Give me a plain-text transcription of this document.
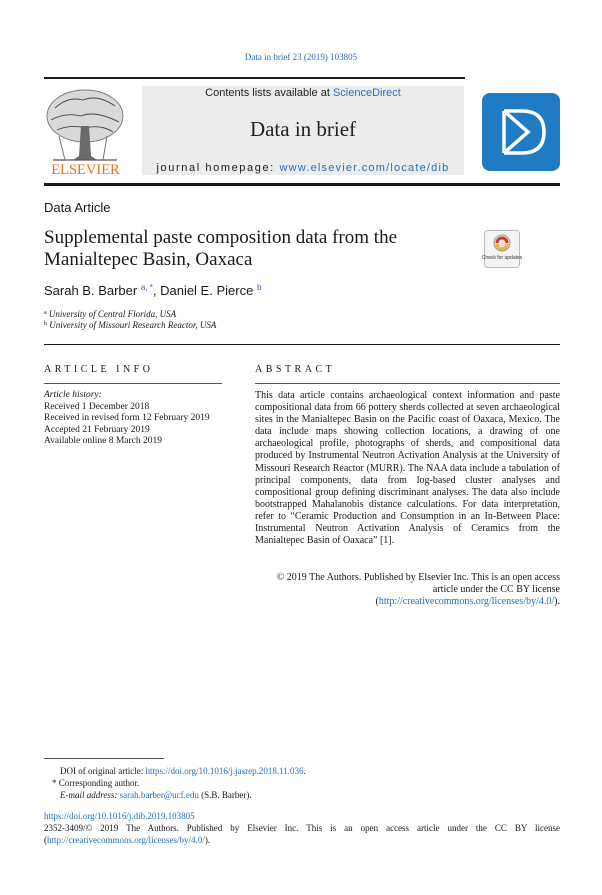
Data in brief 23 (2019) 103805
ELSEVIER
Contents lists available at ScienceDirect
Data in brief
journal homepage: www.elsevier.com/locate/dib
Data Article
Supplemental paste composition data from the Manialtepec Basin, Oaxaca	Check for updates
Sarah B. Barber $^{a, *}$, Daniel E. Pierce $^b$
$^a$ University of Central Florida, USA
$^b$ University of Missouri Research Reactor, USA
ARTICLE INFO	ABSTRACT
Article history:
Received 1 December 2018
Received in revised form 12 February 2019
Accepted 21 February 2019
Available online 8 March 2019
This data article contains archaeological context information and paste compositional data from 66 pottery sherds collected at seven archaeological sites in the Manialtepec Basin on the Pacific coast of Oaxaca, Mexico. The data include maps showing collection locations, a drawing of one archaeological profile, photographs of sherds, and compositional data produced by Instrumental Neutron Activation Analysis at the University of Missouri Research Reactor (MURR). The NAA data include a tabulation of principal components, data from log-based cluster analyses and compositional group defining discriminant analyses. The data also include bootstrapped Mahalanobis distance calculations. For data interpretation, refer to “Ceramic Production and Consumption in an In-Between Place: Instrumental Neutron Activation Analysis of Ceramics from the Manialtepec Basin of Oaxaca” [1].
© 2019 The Authors. Published by Elsevier Inc. This is an open access article under the CC BY license (http://creativecommons.org/licenses/by/4.0/).
DOI of original article: https://doi.org/10.1016/j.jasrep.2018.11.036.
* Corresponding author.
E-mail address: sarah.barber@ucf.edu (S.B. Barber).
https://doi.org/10.1016/j.dib.2019.103805
2352-3409/© 2019 The Authors. Published by Elsevier Inc. This is an open access article under the CC BY license (http://creativecommons.org/licenses/by/4.0/).
